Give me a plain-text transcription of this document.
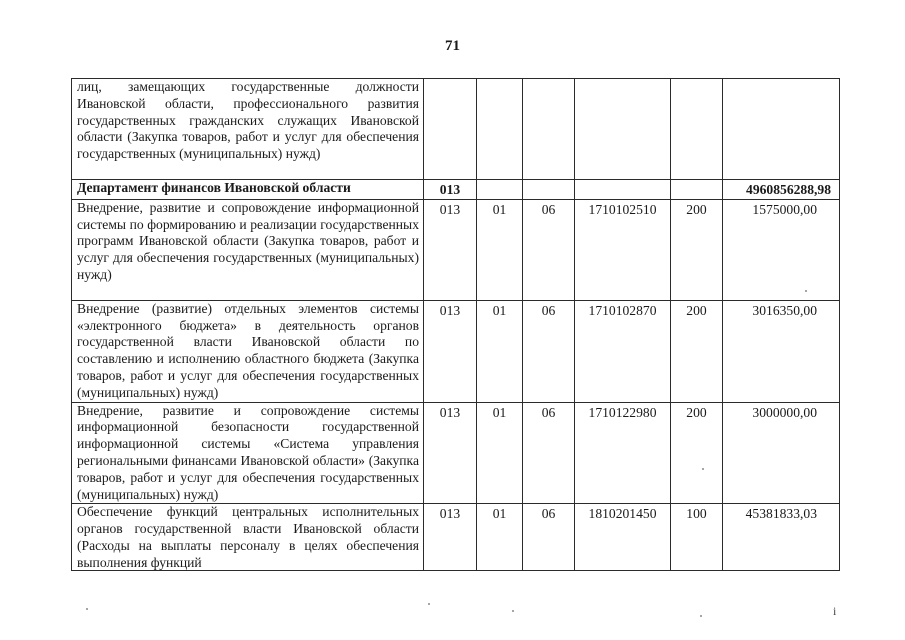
71
лиц, замещающих государственные должности Ивановской области, профессионального развития государственных гражданских служащих Ивановской области (Закупка товаров, работ и услуг для обеспечения государственных (муниципальных) нужд)						

Департамент финансов Ивановской области	013					4960856288,98

Внедрение, развитие и сопровождение информационной системы по формированию и реализации государственных программ Ивановской области (Закупка товаров, работ и услуг для обеспечения государственных (муниципальных) нужд)	013	01	06	1710102510	200	1575000,00

Внедрение (развитие) отдельных элементов системы «электронного бюджета» в деятельность органов государственной власти Ивановской области по составлению и исполнению областного бюджета (Закупка товаров, работ и услуг для обеспечения государственных (муниципальных) нужд)	013	01	06	1710102870	200	3016350,00

Внедрение, развитие и сопровождение системы информационной безопасности государственной информационной системы «Система управления региональными финансами Ивановской области» (Закупка товаров, работ и услуг для обеспечения государственных (муниципальных) нужд)	013	01	06	1710122980	200	3000000,00

Обеспечение функций центральных исполнительных органов государственной власти Ивановской области (Расходы на выплаты персоналу в целях обеспечения выполнения функций	013	01	06	1810201450	100	45381833,03
i
